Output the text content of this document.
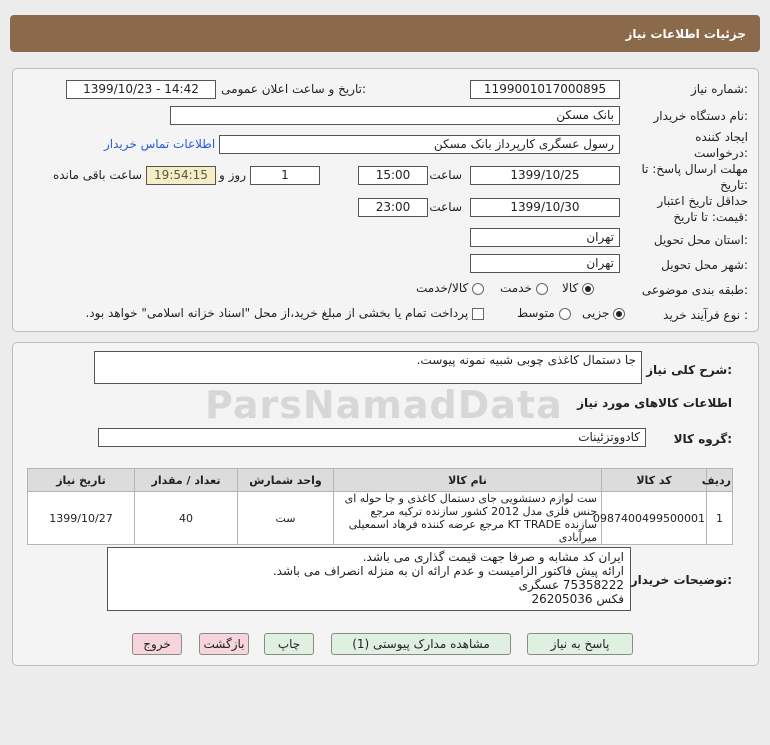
جزئیات اطلاعات نیاز
شماره نیاز:
1199001017000895
تاریخ و ساعت اعلان عمومی:
1399/10/23 - 14:42
نام دستگاه خریدار:
بانک مسکن
ایجاد کننده درخواست:
رسول عسگری کارپرداز بانک مسکن
اطلاعات تماس خریدار
مهلت ارسال پاسخ: تا تاریخ:
1399/10/25
ساعت
15:00
1
روز و
19:54:15
ساعت باقی مانده
حداقل تاریخ اعتبار قیمت: تا تاریخ:
1399/10/30
ساعت
23:00
استان محل تحویل:
تهران
شهر محل تحویل:
تهران
طبقه بندی موضوعی:
کالا
خدمت
کالا/خدمت
نوع فرآیند خرید :
جزیی
متوسط
پرداخت تمام یا بخشی از مبلغ خرید،از محل "اسناد خزانه اسلامی" خواهد بود.
شرح کلی نیاز:
جا دستمال کاغذی چوبی شبیه نمونه پیوست.
ParsNamadData اطلاعات کالاهای مورد نیاز
گروه کالا:
کادووتزئینات
ردیف	کد کالا	نام کالا	واحد شمارش	تعداد / مقدار	تاریخ نیاز
1	0987400499500001	ست لوازم دستشویی جای دستمال کاغذی و جا حوله ای جنس فلزی مدل 2012 کشور سازنده ترکیه مرجع سازنده KT TRADE مرجع عرضه کننده فرهاد اسمعیلی میرآبادی	ست	40	1399/10/27
توضیحات خریدار:
ایران کد مشابه و صرفا جهت قیمت گذاری می باشد.
ارائه پیش فاکتور الزامیست و عدم ارائه ان به منزله انصراف می باشد.
75358222 عسگری
فکس 26205036
پاسخ به نیاز
مشاهده مدارک پیوستی (1)
چاپ
بازگشت
خروج
